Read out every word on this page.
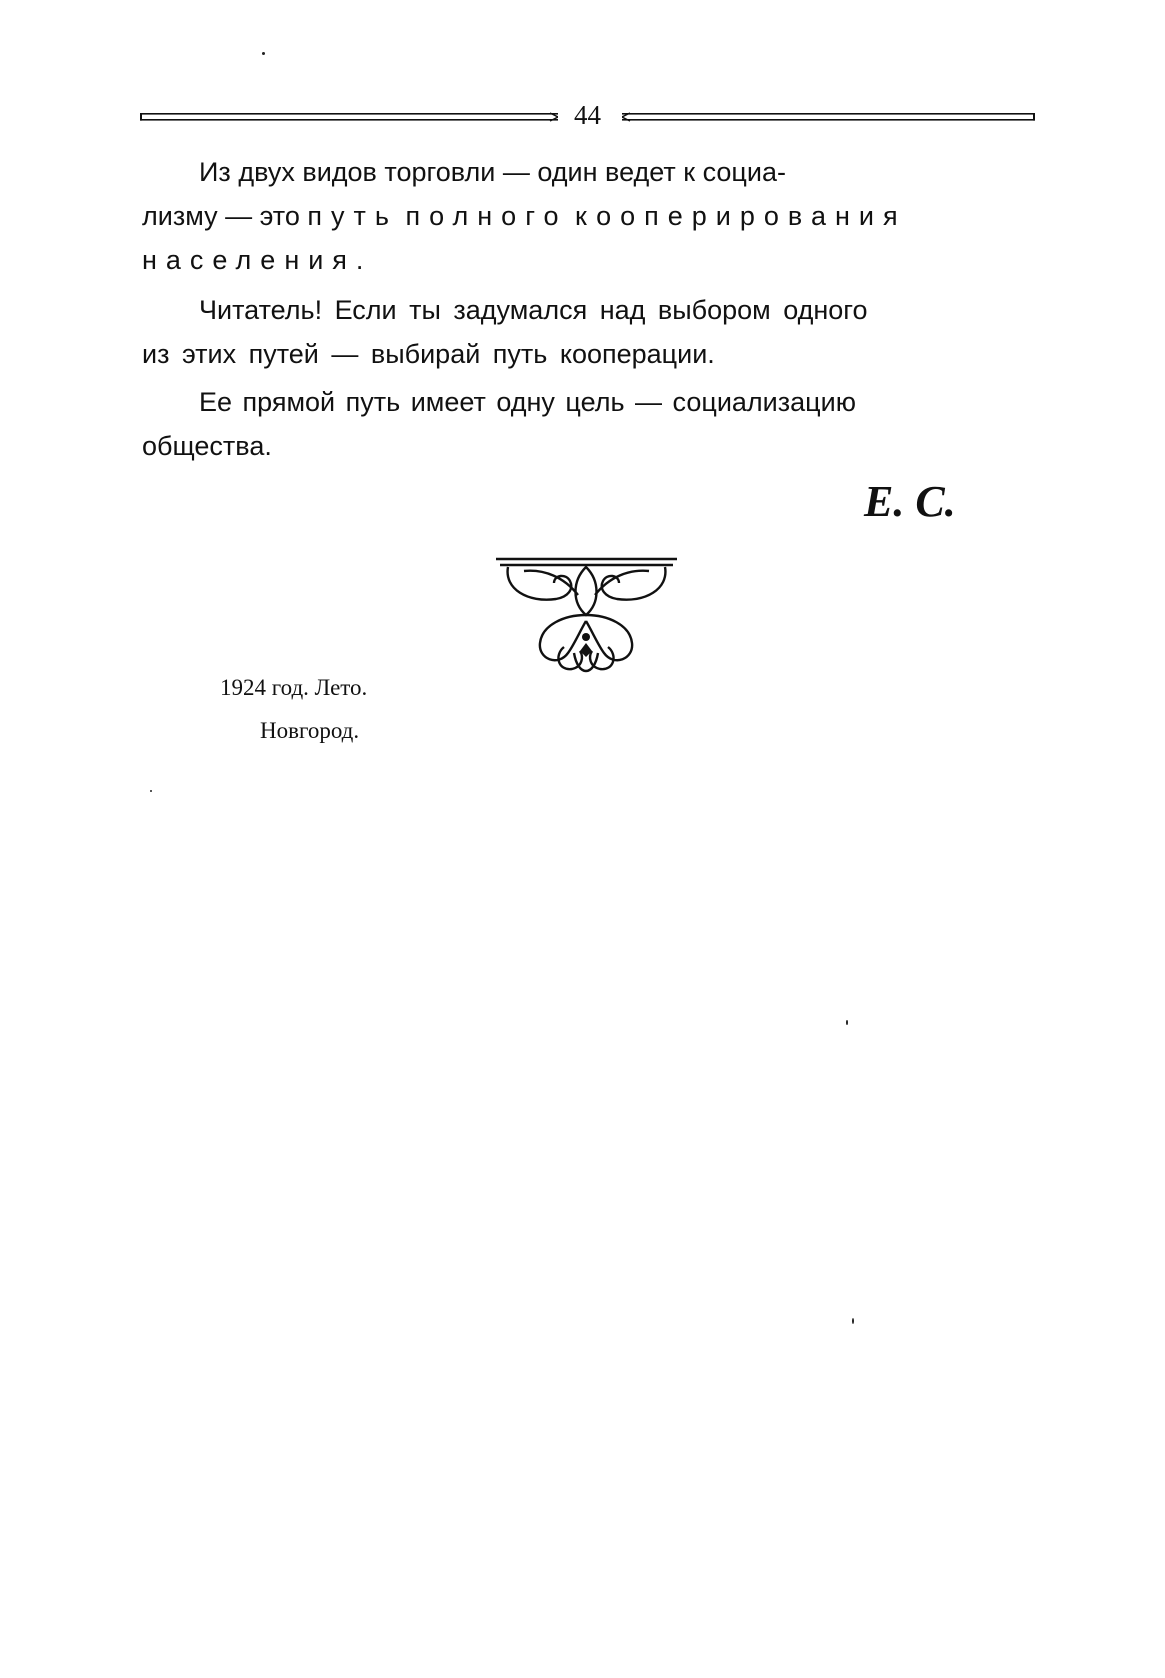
44
Из двух видов торговли — один ведет к социа-
лизму — это путь полного кооперирования
населения.
Читатель! Если ты задумался над выбором одного
из этих путей — выбирай путь кооперации.
Ее прямой путь имеет одну цель — социализацию
общества.
Е. С.
1924 год. Лето.
Новгород.
